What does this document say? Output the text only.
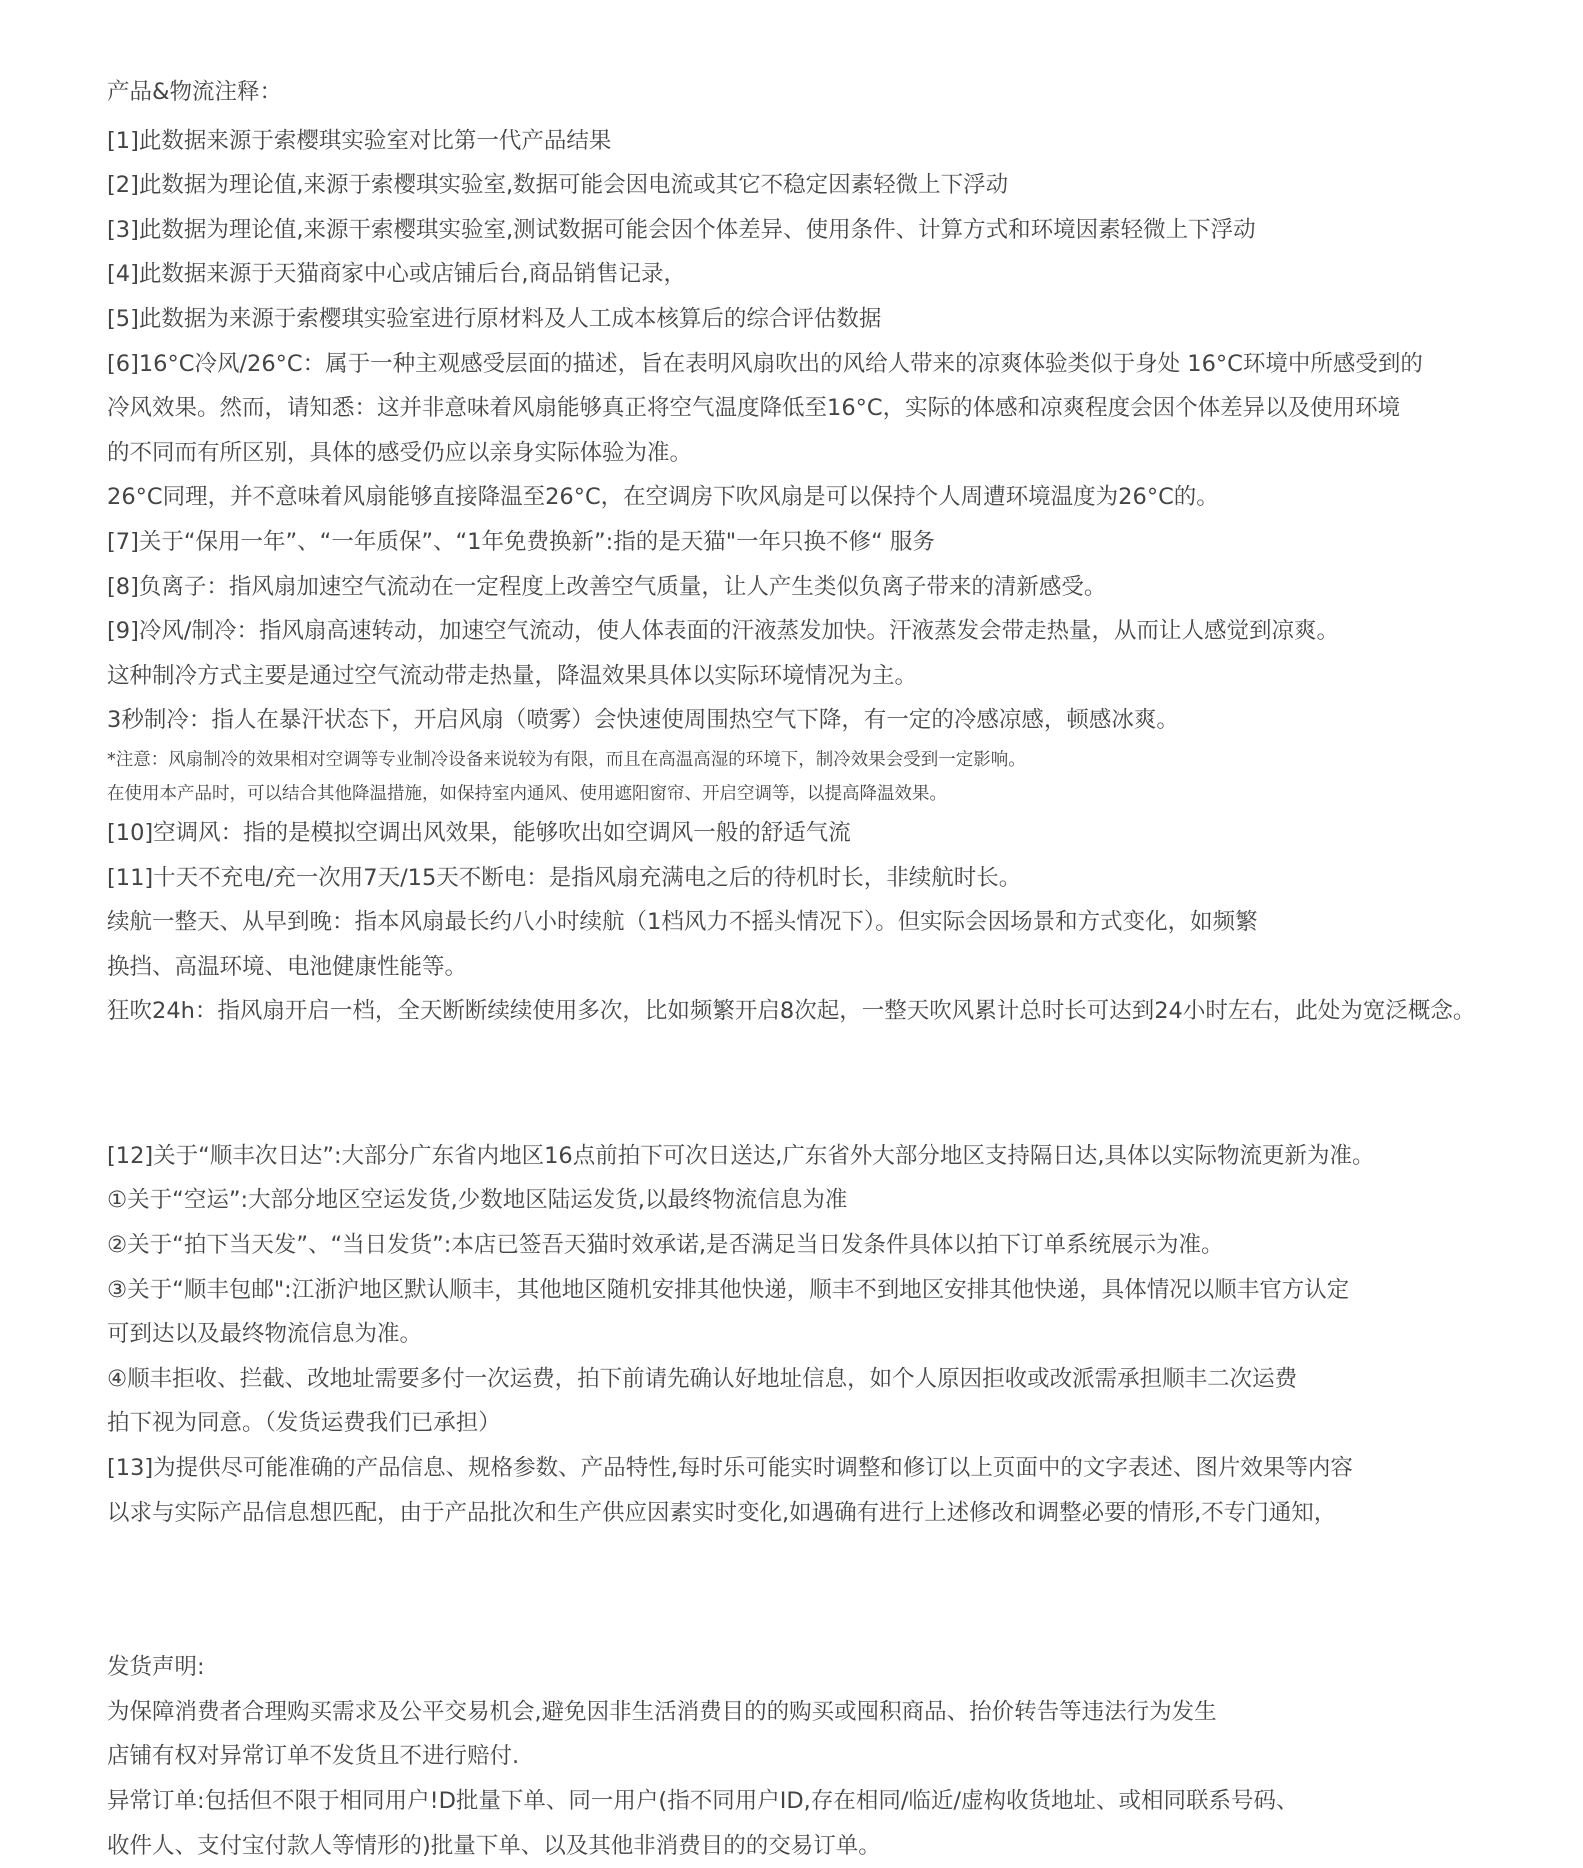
产品&物流注释：
[1]此数据来源于索樱琪实验室对比第一代产品结果
[2]此数据为理论值,来源于索樱琪实验室,数据可能会因电流或其它不稳定因素轻微上下浮动
[3]此数据为理论值,来源干索樱琪实验室,测试数据可能会因个体差异、使用条件、计算方式和环境因素轻微上下浮动
[4]此数据来源于天猫商家中心或店铺后台,商品销售记录，
[5]此数据为来源于索樱琪实验室进行原材料及人工成本核算后的综合评估数据
[6]16°C冷风/26°C：属于一种主观感受层面的描述，旨在表明风扇吹出的风给人带来的凉爽体验类似于身处 16°C环境中所感受到的
冷风效果。然而，请知悉：这并非意味着风扇能够真正将空气温度降低至16°C，实际的体感和凉爽程度会因个体差异以及使用环境
的不同而有所区别，具体的感受仍应以亲身实际体验为准。
26°C同理，并不意味着风扇能够直接降温至26°C，在空调房下吹风扇是可以保持个人周遭环境温度为26°C的。
[7]关于“保用一年”、“一年质保”、“1年免费换新”:指的是天猫"一年只换不修“ 服务
[8]负离子：指风扇加速空气流动在一定程度上改善空气质量，让人产生类似负离子带来的清新感受。
[9]冷风/制冷：指风扇高速转动，加速空气流动，使人体表面的汗液蒸发加快。汗液蒸发会带走热量，从而让人感觉到凉爽。
这种制冷方式主要是通过空气流动带走热量，降温效果具体以实际环境情况为主。
3秒制冷：指人在暴汗状态下，开启风扇（喷雾）会快速使周围热空气下降，有一定的冷感凉感，顿感冰爽。
*注意：风扇制冷的效果相对空调等专业制冷设备来说较为有限，而且在高温高湿的环境下，制冷效果会受到一定影响。
在使用本产品时，可以结合其他降温措施，如保持室内通风、使用遮阳窗帘、开启空调等，以提高降温效果。
[10]空调风：指的是模拟空调出风效果，能够吹出如空调风一般的舒适气流
[11]十天不充电/充一次用7天/15天不断电：是指风扇充满电之后的待机时长，非续航时长。
续航一整天、从早到晚：指本风扇最长约八小时续航（1档风力不摇头情况下）。但实际会因场景和方式变化，如频繁
换挡、高温环境、电池健康性能等。
狂吹24h：指风扇开启一档，全天断断续续使用多次，比如频繁开启8次起，一整天吹风累计总时长可达到24小时左右，此处为宽泛概念。
[12]关于“顺丰次日达”:大部分广东省内地区16点前拍下可次日送达,广东省外大部分地区支持隔日达,具体以实际物流更新为准。
①关于“空运”:大部分地区空运发货,少数地区陆运发货,以最终物流信息为准
②关于“拍下当天发”、“当日发货”:本店已签吾天猫时效承诺,是否满足当日发条件具体以拍下订单系统展示为准。
③关于“顺丰包邮":江浙沪地区默认顺丰，其他地区随机安排其他快递，顺丰不到地区安排其他快递，具体情况以顺丰官方认定
可到达以及最终物流信息为准。
④顺丰拒收、拦截、改地址需要多付一次运费，拍下前请先确认好地址信息，如个人原因拒收或改派需承担顺丰二次运费
拍下视为同意。（发货运费我们已承担）
[13]为提供尽可能准确的产品信息、规格参数、产品特性,每时乐可能实时调整和修订以上页面中的文字表述、图片效果等内容
以求与实际产品信息想匹配，由于产品批次和生产供应因素实时变化,如遇确有进行上述修改和调整必要的情形,不专门通知，
发货声明:
为保障消费者合理购买需求及公平交易机会,避免因非生活消费目的的购买或囤积商品、抬价转告等违法行为发生
店铺有权对异常订单不发货且不进行赔付.
异常订单:包括但不限于相同用户!D批量下单、同一用户(指不同用户ID,存在相同/临近/虚构收货地址、或相同联系号码、
收件人、支付宝付款人等情形的)批量下单、以及其他非消费目的的交易订单。
